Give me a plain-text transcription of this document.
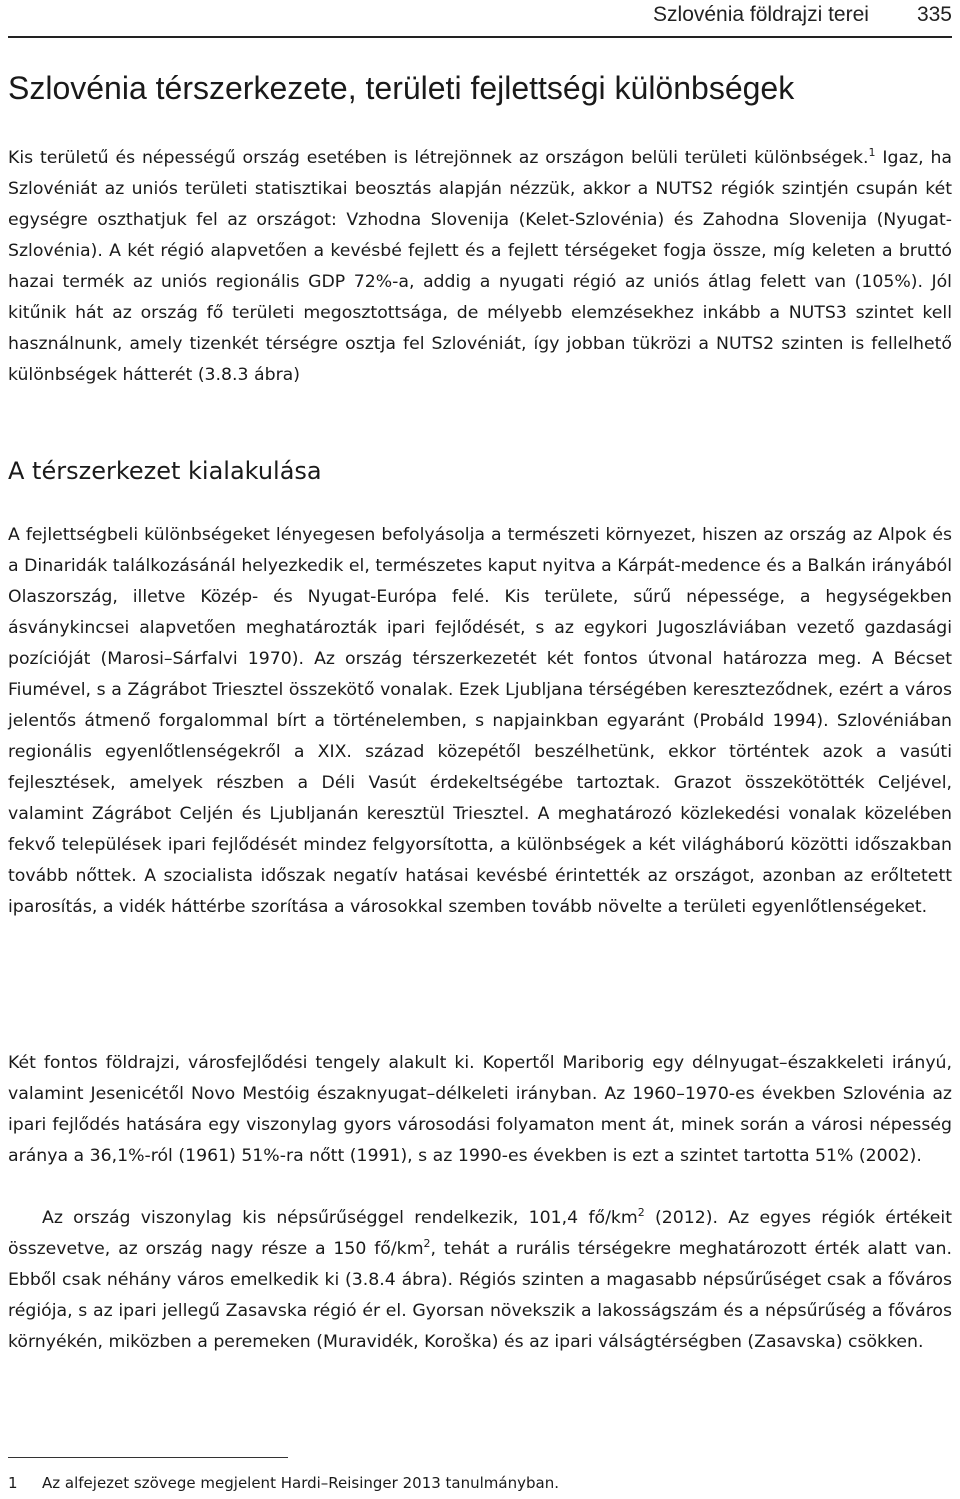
Szlovénia földrajzi terei 335
Szlovénia térszerkezete, területi fejlettségi különbségek

Kis területű és népességű ország esetében is létrejönnek az országon belüli területi különbségek.$^1$ Igaz, ha Szlovéniát az uniós területi statisztikai beosztás alapján nézzük, akkor a NUTS2 régiók szintjén csupán két egységre oszthatjuk fel az országot: Vzhodna Slovenija (Kelet-Szlovénia) és Zahodna Slovenija (Nyugat-Szlovénia). A két régió alapvetően a kevésbé fejlett és a fejlett térségeket fogja össze, míg keleten a bruttó hazai termék az uniós regionális GDP 72%-a, addig a nyugati régió az uniós átlag felett van (105%). Jól kitűnik hát az ország fő területi megosztottsága, de mélyebb elemzésekhez inkább a NUTS3 szintet kell használnunk, amely tizenkét térségre osztja fel Szlovéniát, így jobban tükrözi a NUTS2 szinten is fellelhető különbségek hátterét (3.8.3 ábra)

A térszerkezet kialakulása

A fejlettségbeli különbségeket lényegesen befolyásolja a természeti környezet, hiszen az ország az Alpok és a Dinaridák találkozásánál helyezkedik el, természetes kaput nyitva a Kárpát-medence és a Balkán irányából Olaszország, illetve Közép- és Nyugat-Európa felé. Kis területe, sűrű népessége, a hegységekben ásványkincsei alapvetően meghatározták ipari fejlődését, s az egykori Jugoszláviában vezető gazdasági pozícióját (Marosi–Sárfalvi 1970). Az ország térszerkezetét két fontos útvonal határozza meg. A Bécset Fiumével, s a Zágrábot Triesztel összekötő vonalak. Ezek Ljubljana térségében kereszteződnek, ezért a város jelentős átmenő forgalommal bírt a történelemben, s napjainkban egyaránt (Probáld 1994). Szlovéniában regionális egyenlőtlenségekről a XIX. század közepétől beszélhetünk, ekkor történtek azok a vasúti fejlesztések, amelyek részben a Déli Vasút érdekeltségébe tartoztak. Grazot összekötötték Celjével, valamint Zágrábot Celjén és Ljubljanán keresztül Triesztel. A meghatározó közlekedési vonalak közelében fekvő települések ipari fejlődését mindez felgyorsította, a különbségek a két világháború közötti időszakban tovább nőttek. A szocialista időszak negatív hatásai kevésbé érintették az országot, azonban az erőltetett iparosítás, a vidék háttérbe szorítása a városokkal szemben tovább növelte a területi egyenlőtlenségeket.

Két fontos földrajzi, városfejlődési tengely alakult ki. Kopertől Mariborig egy délnyugat–északkeleti irányú, valamint Jesenicétől Novo Mestóig északnyugat–délkeleti irányban. Az 1960–1970-es években Szlovénia az ipari fejlődés hatására egy viszonylag gyors városodási folyamaton ment át, minek során a városi népesség aránya a 36,1%-ról (1961) 51%-ra nőtt (1991), s az 1990-es években is ezt a szintet tartotta 51% (2002).

Az ország viszonylag kis népsűrűséggel rendelkezik, 101,4 $fő/km^2$ (2012). Az egyes régiók értékeit összevetve, az ország nagy része a 150 $fő/km^2$, tehát a rurális térségekre meghatározott érték alatt van. Ebből csak néhány város emelkedik ki (3.8.4 ábra). Régiós szinten a magasabb népsűrűséget csak a főváros régiója, s az ipari jellegű Zasavska régió ér el. Gyorsan növekszik a lakosságszám és a népsűrűség a főváros környékén, miközben a peremeken (Muravidék, Koroška) és az ipari válságtérségben (Zasavska) csökken.

1 Az alfejezet szövege megjelent Hardi–Reisinger 2013 tanulmányban.
